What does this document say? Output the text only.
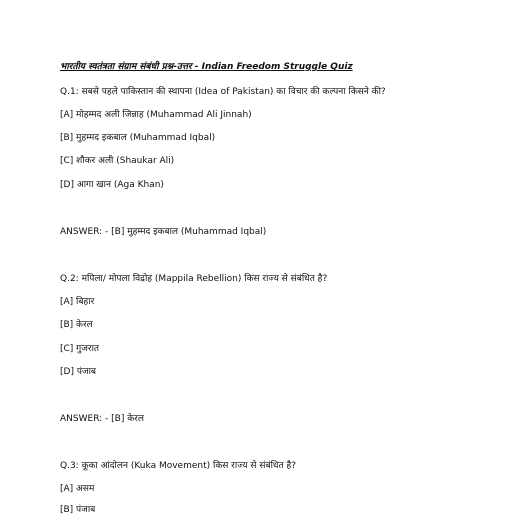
भारतीय स्वतंत्रता संग्राम संबंधी प्रश्न-उत्तर - Indian Freedom Struggle Quiz
Q.1: सबसे पहले पाकिस्तान की स्थापना (Idea of Pakistan) का विचार की कल्पना किसने की?
[A] मोहम्मद अली जिन्नाह (Muhammad Ali Jinnah)
[B] मुहम्मद इकबाल (Muhammad Iqbal)
[C] शौकर अली (Shaukar Ali)
[D] आगा खान (Aga Khan)
ANSWER: - [B] मुहम्मद इकबाल (Muhammad Iqbal)
Q.2: मपिला/ मोपला विद्रोह (Mappila Rebellion) किस राज्य से संबंधित है?
[A] बिहार
[B] केरल
[C] गुजरात
[D] पंजाब
ANSWER: - [B] केरल
Q.3: कूका आंदोलन (Kuka Movement) किस राज्य से संबंधित है?
[A] असम
[B] पंजाब
